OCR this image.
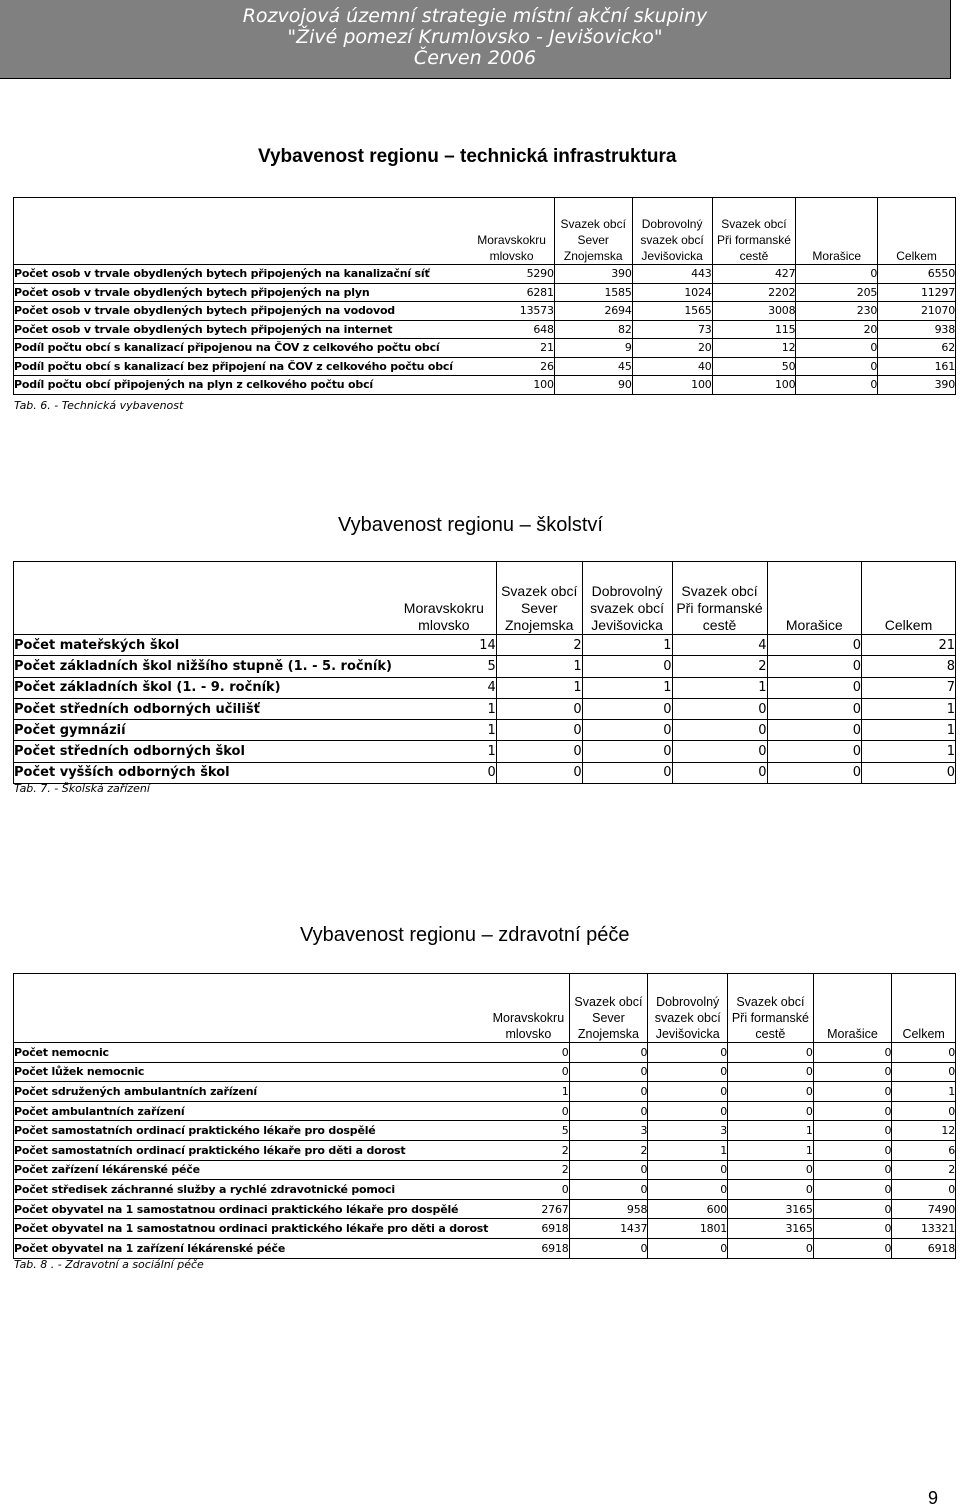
Rozvojová územní strategie místní akční skupiny
"Živé pomezí Krumlovsko - Jevišovicko"
Červen 2006
Vybavenost regionu – technická infrastruktura
	Moravskokru mlovsko	Svazek obcí Sever Znojemska	Dobrovolný svazek obcí Jevišovicka	Svazek obcí Při formanské cestě	Morašice	Celkem
Počet osob v trvale obydlených bytech připojených na kanalizační síť	5290	390	443	427	0	6550
Počet osob v trvale obydlených bytech připojených na plyn	6281	1585	1024	2202	205	11297
Počet osob v trvale obydlených bytech připojených na vodovod	13573	2694	1565	3008	230	21070
Počet osob v trvale obydlených bytech připojených na internet	648	82	73	115	20	938
Podíl počtu obcí s kanalizací připojenou na ČOV z celkového počtu obcí	21	9	20	12	0	62
Podíl počtu obcí s kanalizací bez připojení na ČOV z celkového počtu obcí	26	45	40	50	0	161
Podíl počtu obcí připojených na plyn z celkového počtu obcí	100	90	100	100	0	390
Tab. 6. - Technická vybavenost
Vybavenost regionu – školství
	Moravskokru mlovsko	Svazek obcí Sever Znojemska	Dobrovolný svazek obcí Jevišovicka	Svazek obcí Při formanské cestě	Morašice	Celkem
Počet mateřských škol	14	2	1	4	0	21
Počet základních škol nižšího stupně (1. - 5. ročník)	5	1	0	2	0	8
Počet základních škol (1. - 9. ročník)	4	1	1	1	0	7
Počet středních odborných učilišť	1	0	0	0	0	1
Počet gymnázií	1	0	0	0	0	1
Počet středních odborných škol	1	0	0	0	0	1
Počet vyšších odborných škol	0	0	0	0	0	0
Tab. 7. - Školská zařízení
Vybavenost regionu – zdravotní péče
	Moravskokru mlovsko	Svazek obcí Sever Znojemska	Dobrovolný svazek obcí Jevišovicka	Svazek obcí Při formanské cestě	Morašice	Celkem
Počet nemocnic	0	0	0	0	0	0
Počet lůžek nemocnic	0	0	0	0	0	0
Počet sdružených ambulantních zařízení	1	0	0	0	0	1
Počet ambulantních zařízení	0	0	0	0	0	0
Počet samostatních ordinací praktického lékaře pro dospělé	5	3	3	1	0	12
Počet samostatních ordinací praktického lékaře pro děti a dorost	2	2	1	1	0	6
Počet zařízení lékárenské péče	2	0	0	0	0	2
Počet středisek záchranné služby a rychlé zdravotnické pomoci	0	0	0	0	0	0
Počet obyvatel na 1 samostatnou ordinaci praktického lékaře pro dospělé	2767	958	600	3165	0	7490
Počet obyvatel na 1 samostatnou ordinaci praktického lékaře pro děti a dorost	6918	1437	1801	3165	0	13321
Počet obyvatel na 1 zařízení lékárenské péče	6918	0	0	0	0	6918
Tab. 8 . - Zdravotní a sociální péče
9
